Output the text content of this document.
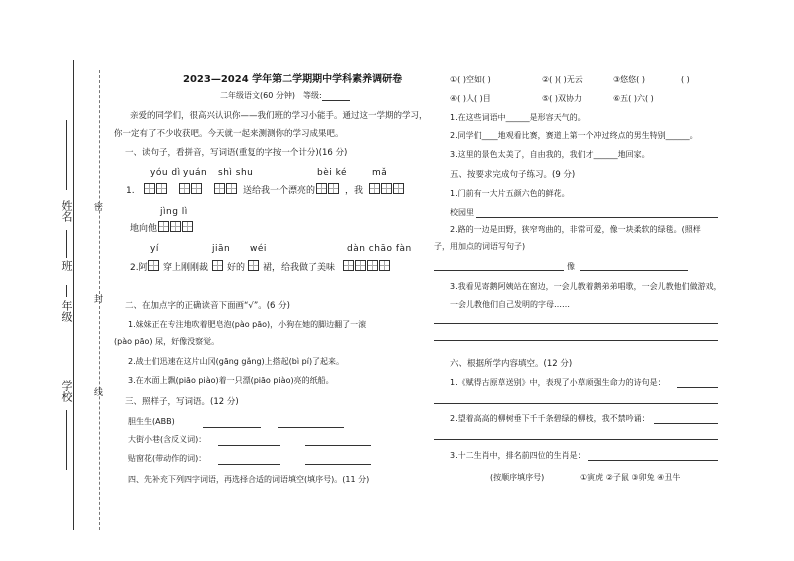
姓名
班
年级
学校
密
封
线
2023—2024 学年第二学期期中学科素养调研卷
二年级语文(60 分钟) 等级:
亲爱的同学们，很高兴认识你——我们班的学习小能手。通过这一学期的学习，
你一定有了不少收获吧。今天就一起来测测你的学习成果吧。
一、读句子，看拼音，写词语(重复的字按一个计分)(16 分)
yóu dì yuán shì shu	bèi ké	mǎ
1.	送给我一个漂亮的	，我
jìng lì
地向他
yí	jiān wéi	dàn chāo fàn
2.阿 穿上刚刚裁 好的 裙，给我做了美味
二、在加点字的正确读音下面画“√”。(6 分)
1.妹妹正在专注地吹着肥皂泡(pào pāo)，小狗在她的脚边翻了一滚
(pào pāo) 尿，好像没察觉。
2.战士们迅速在这片山冈(gāng gǎng)上搭起(bì pí)了起来。
3.在水面上飘(piāo piào)着一只漂(piāo piào)亮的纸船。
三、照样子，写词语。(12 分)
胆生生(ABB)
大街小巷(含反义词)：
贴窗花(带动作的词)：
四、先补充下列四字词语，再选择合适的词语填空(填序号)。(11 分)
①( )空如( )	②( )( )无云	③悠悠( )	( )
④( )人( )目	⑤( )双协力	⑥五( )六( )
1.在这些词语中______是形容天气的。
2.同学们____地观看比赛，赛道上第一个冲过终点的男生特别______。
3.这里的景色太美了，自由我的，我们才______地回家。
五、按要求完成句子练习。(9 分)
1.门前有一大片五颜六色的鲜花。
校园里
2.路的一边是田野，狭窄弯曲的，非常可爱，像一块柔软的绿毯。(照样
子，用加点的词语写句子)
像
3.我看见寄鹅阿姨站在窗边，一会儿教着鹅弟弟唱歌，一会儿教他们做游戏，
一会儿教他们自己发明的字母……
六、根据所学内容填空。(12 分)
1.《赋得古原草送别》中，表现了小草顽强生命力的诗句是：
2.望着高高的柳树垂下千千条碧绿的柳枝，我不禁吟诵：
3.十二生肖中，排名前四位的生肖是：
(按顺序填序号)	①寅虎 ②子鼠 ③卯兔 ④丑牛
